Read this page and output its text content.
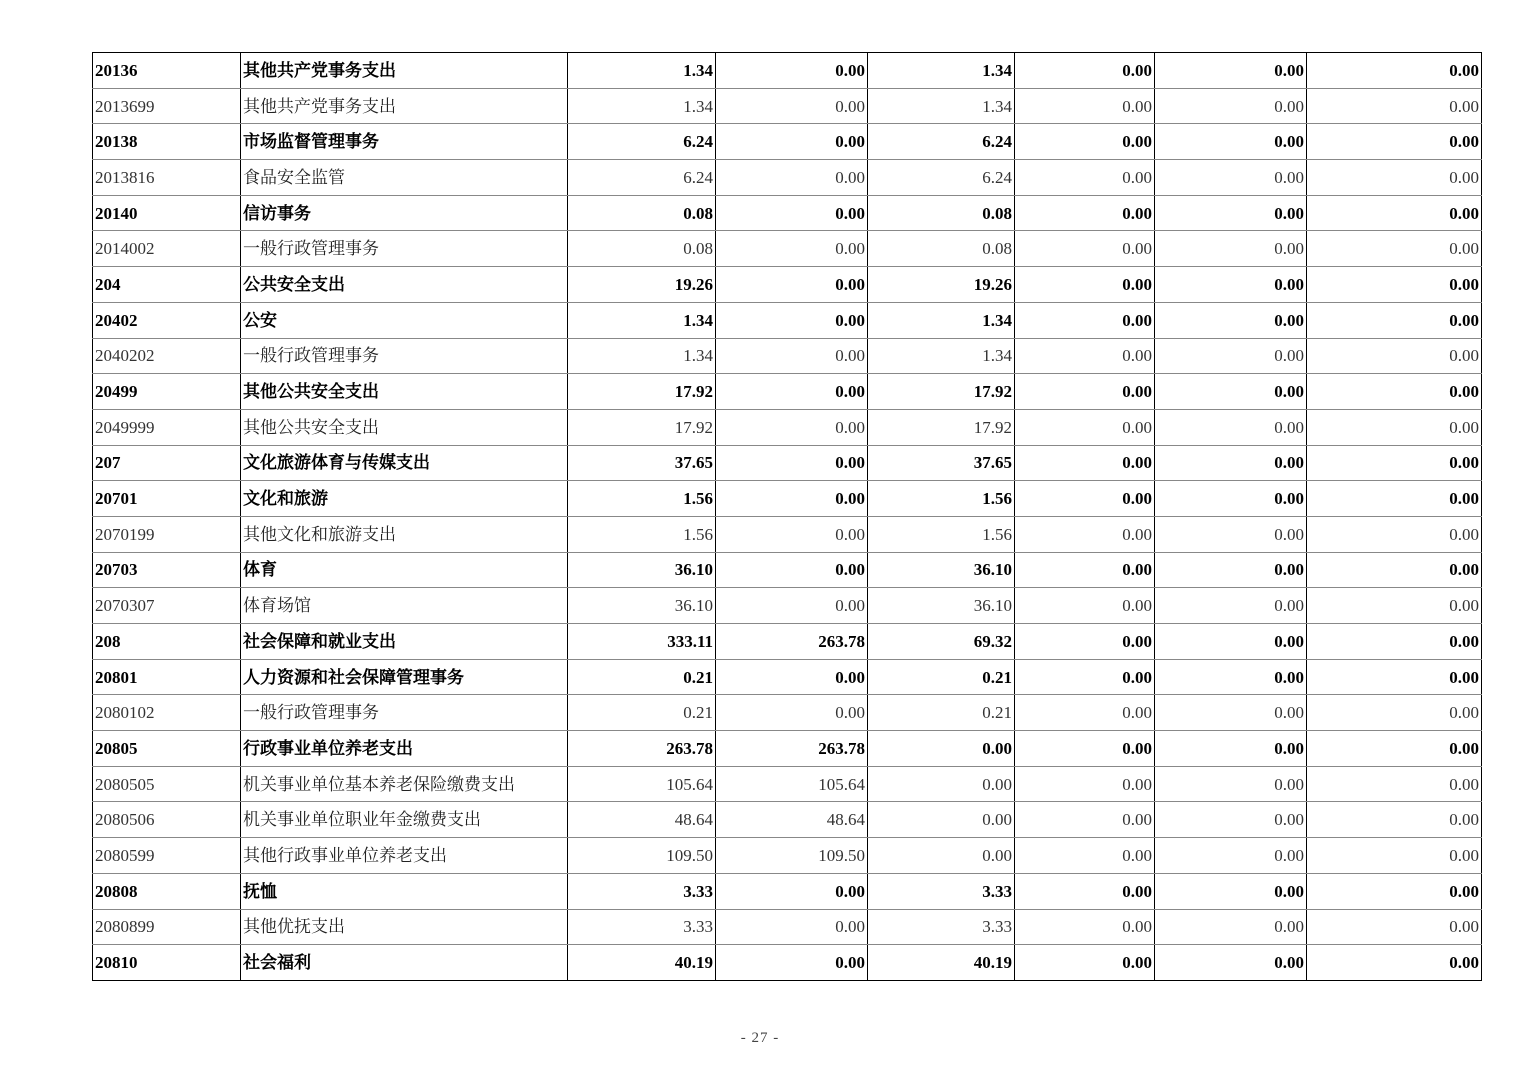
20136	其他共产党事务支出	1.34	0.00	1.34	0.00	0.00	0.00
2013699	其他共产党事务支出	1.34	0.00	1.34	0.00	0.00	0.00
20138	市场监督管理事务	6.24	0.00	6.24	0.00	0.00	0.00
2013816	食品安全监管	6.24	0.00	6.24	0.00	0.00	0.00
20140	信访事务	0.08	0.00	0.08	0.00	0.00	0.00
2014002	一般行政管理事务	0.08	0.00	0.08	0.00	0.00	0.00
204	公共安全支出	19.26	0.00	19.26	0.00	0.00	0.00
20402	公安	1.34	0.00	1.34	0.00	0.00	0.00
2040202	一般行政管理事务	1.34	0.00	1.34	0.00	0.00	0.00
20499	其他公共安全支出	17.92	0.00	17.92	0.00	0.00	0.00
2049999	其他公共安全支出	17.92	0.00	17.92	0.00	0.00	0.00
207	文化旅游体育与传媒支出	37.65	0.00	37.65	0.00	0.00	0.00
20701	文化和旅游	1.56	0.00	1.56	0.00	0.00	0.00
2070199	其他文化和旅游支出	1.56	0.00	1.56	0.00	0.00	0.00
20703	体育	36.10	0.00	36.10	0.00	0.00	0.00
2070307	体育场馆	36.10	0.00	36.10	0.00	0.00	0.00
208	社会保障和就业支出	333.11	263.78	69.32	0.00	0.00	0.00
20801	人力资源和社会保障管理事务	0.21	0.00	0.21	0.00	0.00	0.00
2080102	一般行政管理事务	0.21	0.00	0.21	0.00	0.00	0.00
20805	行政事业单位养老支出	263.78	263.78	0.00	0.00	0.00	0.00
2080505	机关事业单位基本养老保险缴费支出	105.64	105.64	0.00	0.00	0.00	0.00
2080506	机关事业单位职业年金缴费支出	48.64	48.64	0.00	0.00	0.00	0.00
2080599	其他行政事业单位养老支出	109.50	109.50	0.00	0.00	0.00	0.00
20808	抚恤	3.33	0.00	3.33	0.00	0.00	0.00
2080899	其他优抚支出	3.33	0.00	3.33	0.00	0.00	0.00
20810	社会福利	40.19	0.00	40.19	0.00	0.00	0.00
- 27 -
